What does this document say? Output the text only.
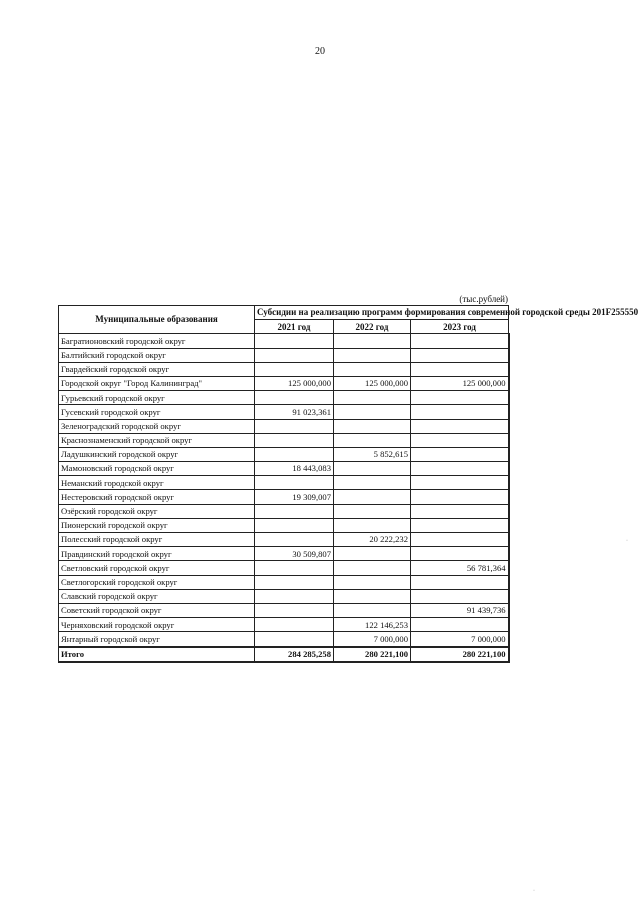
20
(тыс.рублей)
Муниципальные образования	Субсидии на реализацию программ формирования современной городской среды 201F255550		
	2021 год	2022 год	2023 год
Багратионовский городской округ			
Балтийский городской округ			
Гвардейский городской округ			
Городской округ "Город Калининград"	125 000,000	125 000,000	125 000,000
Гурьевский городской округ			
Гусевский городской округ	91 023,361		
Зеленоградский городской округ			
Краснознаменский городской округ			
Ладушкинский городской округ		5 852,615	
Мамоновский городской округ	18 443,083		
Неманский городской округ			
Нестеровский городской округ	19 309,007		
Озёрский городской округ			
Пионерский городской округ			
Полесский городской округ		20 222,232	
Правдинский городской округ	30 509,807		
Светловский городской округ			56 781,364
Светлогорский городской округ			
Славский городской округ			
Советский городской округ			91 439,736
Черняховский городской округ		122 146,253	
Янтарный городской округ		7 000,000	7 000,000
Итого	284 285,258	280 221,100	280 221,100
·
·
